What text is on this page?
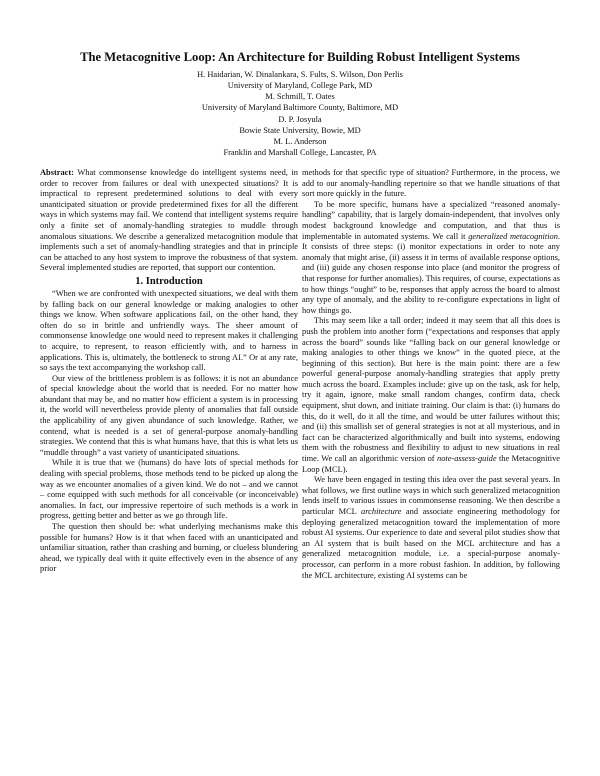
The Metacognitive Loop: An Architecture for Building Robust Intelligent Systems
H. Haidarian, W. Dinalankara, S. Fults, S. Wilson, Don Perlis
University of Maryland, College Park, MD
M. Schmill, T. Oates
University of Maryland Baltimore County, Baltimore, MD
D. P. Josyula
Bowie State University, Bowie, MD
M. L. Anderson
Franklin and Marshall College, Lancaster, PA

Abstract: What commonsense knowledge do intelligent systems need, in order to recover from failures or deal with unexpected situations? It is impractical to represent predetermined solutions to deal with every unanticipated situation or provide predetermined fixes for all the different ways in which systems may fail. We contend that intelligent systems require only a finite set of anomaly-handling strategies to muddle through anomalous situations. We describe a generalized metacognition module that implements such a set of anomaly-handling strategies and that in principle can be attached to any host system to improve the robustness of that system. Several implemented studies are reported, that support our contention.

1. Introduction

“When we are confronted with unexpected situations, we deal with them by falling back on our general knowledge or making analogies to other things we know. When software applications fail, on the other hand, they often do so in brittle and unfriendly ways. The sheer amount of commonsense knowledge one would need to represent makes it challenging to acquire, to represent, to reason efficiently with, and to harness in applications. This is, ultimately, the bottleneck to strong AI.” Or at any rate, so says the text accompanying the workshop call.

Our view of the brittleness problem is as follows: it is not an abundance of special knowledge about the world that is needed. For no matter how abundant that may be, and no matter how efficient a system is in processing it, the world will nevertheless provide plenty of anomalies that fall outside the applicability of any given abundance of such knowledge. Rather, we contend, what is needed is a set of general-purpose anomaly-handling strategies. We contend that this is what humans have, that this is what lets us “muddle through” a vast variety of unanticipated situations.

While it is true that we (humans) do have lots of special methods for dealing with special problems, those methods tend to be picked up along the way as we encounter anomalies of a given kind. We do not – and we cannot – come equipped with such methods for all conceivable (or inconceivable) anomalies. In fact, our impressive repertoire of such methods is a work in progress, getting better and better as we go through life.

The question then should be: what underlying mechanisms make this possible for humans? How is it that when faced with an unanticipated and unfamiliar situation, rather than crashing and burning, or clueless blundering ahead, we typically deal with it quite effectively even in the absence of any prior

methods for that specific type of situation? Furthermore, in the process, we add to our anomaly-handling repertoire so that we handle situations of that sort more quickly in the future.

To be more specific, humans have a specialized “reasoned anomaly-handling” capability, that is largely domain-independent, that involves only modest background knowledge and computation, and that thus is implementable in automated systems. We call it generalized metacognition. It consists of three steps: (i) monitor expectations in order to note any anomaly that might arise, (ii) assess it in terms of available response options, and (iii) guide any chosen response into place (and monitor the progress of that response for further anomalies). This requires, of course, expectations as to how things “ought” to be, responses that apply across the board to almost any type of anomaly, and the ability to re-configure expectations in light of how things go.

This may seem like a tall order; indeed it may seem that all this does is push the problem into another form (“expectations and responses that apply across the board” sounds like “falling back on our general knowledge or making analogies to other things we know” in the quoted piece, at the beginning of this section). But here is the main point: there are a few powerful general-purpose anomaly-handling strategies that apply pretty much across the board. Examples include: give up on the task, ask for help, try it again, ignore, make small random changes, confirm data, check equipment, shut down, and initiate training. Our claim is that: (i) humans do this, do it well, do it all the time, and would be utter failures without this; and (ii) this smallish set of general strategies is not at all mysterious, and in fact can be characterized algorithmically and built into systems, endowing them with the robustness and flexibility to adjust to new situations in real time. We call an algorithmic version of note-assess-guide the Metacognitive Loop (MCL).

We have been engaged in testing this idea over the past several years. In what follows, we first outline ways in which such generalized metacognition lends itself to various issues in commonsense reasoning. We then describe a particular MCL architecture and associate engineering methodology for deploying generalized metacognition toward the implementation of more robust AI systems. Our experience to date and several pilot studies show that an AI system that is built based on the MCL architecture and has a generalized metacognition module, i.e. a special-purpose anomaly-processor, can perform in a more robust fashion. In addition, by following the MCL architecture, existing AI systems can be
